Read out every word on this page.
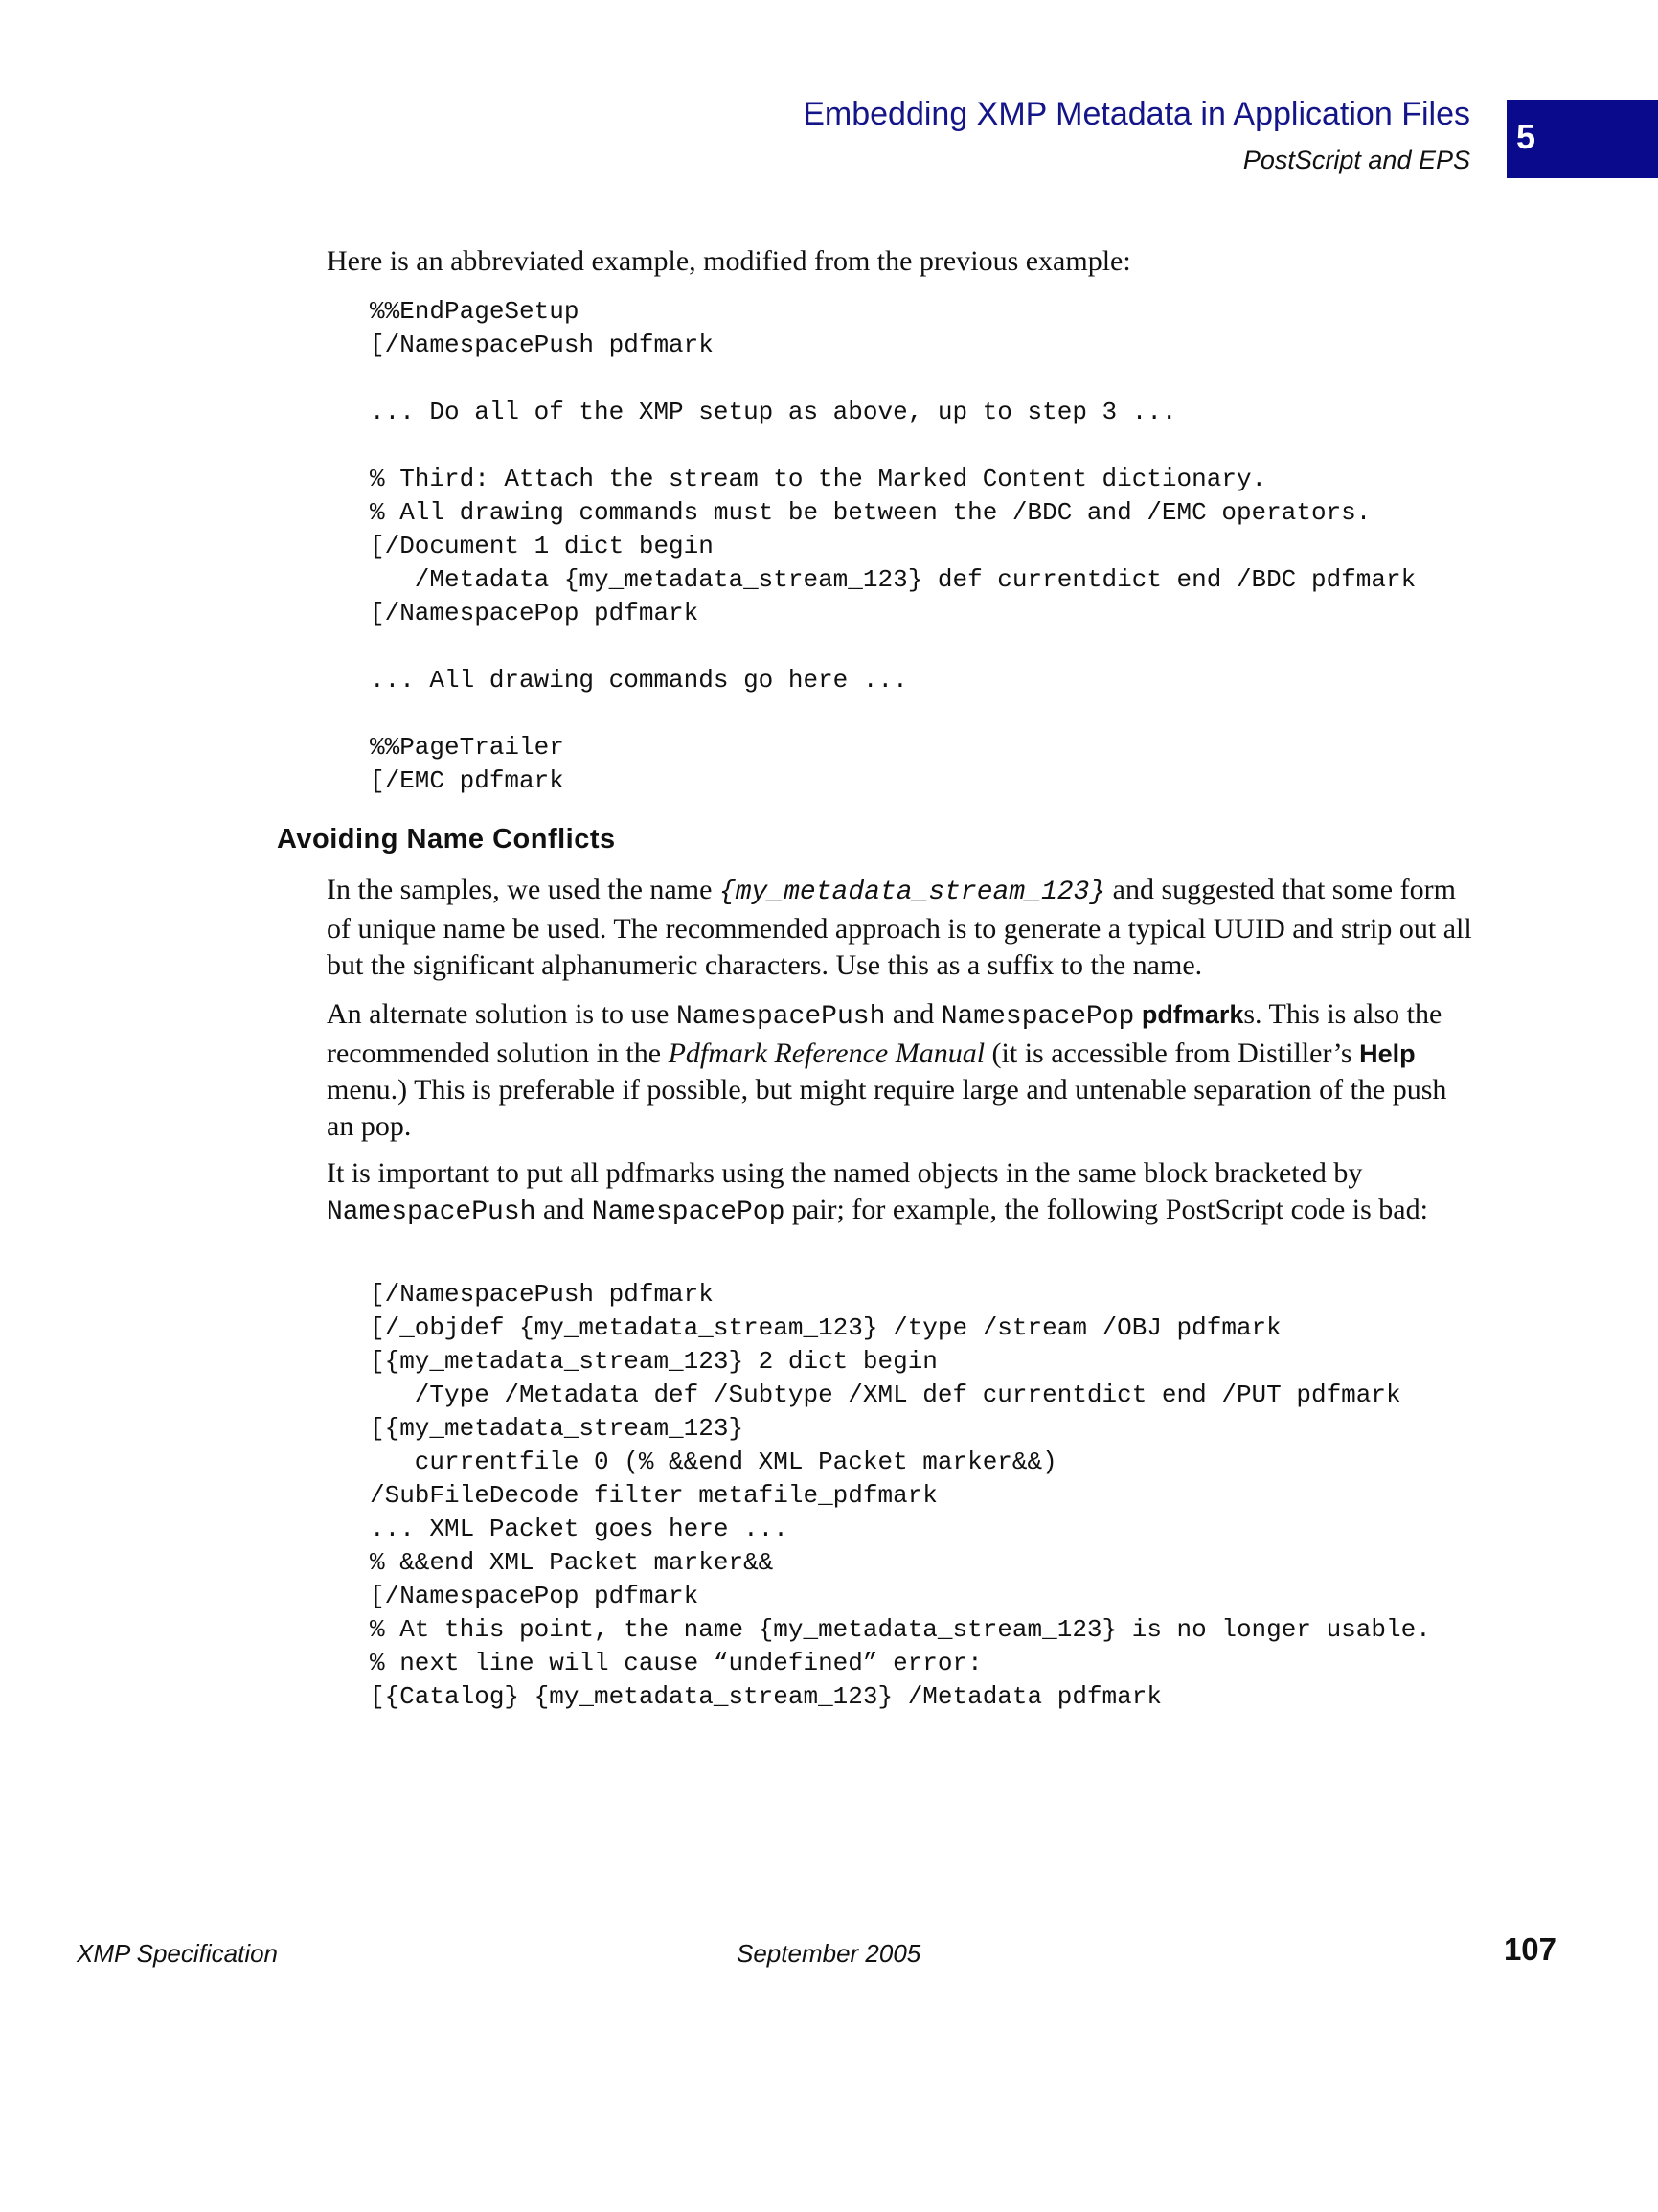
Embedding XMP Metadata in Application Files
PostScript and EPS
5

Here is an abbreviated example, modified from the previous example:

%%EndPageSetup
[/NamespacePush pdfmark

... Do all of the XMP setup as above, up to step 3 ...

% Third: Attach the stream to the Marked Content dictionary.
% All drawing commands must be between the /BDC and /EMC operators.
[/Document 1 dict begin
/Metadata {my_metadata_stream_123} def currentdict end /BDC pdfmark
[/NamespacePop pdfmark

... All drawing commands go here ...

%%PageTrailer
[/EMC pdfmark
Avoiding Name Conflicts

In the samples, we used the name {my_metadata_stream_123} and suggested that some form of unique name be used. The recommended approach is to generate a typical UUID and strip out all but the significant alphanumeric characters. Use this as a suffix to the name.

An alternate solution is to use NamespacePush and NamespacePop pdfmarks. This is also the recommended solution in the Pdfmark Reference Manual (it is accessible from Distiller’s Help menu.) This is preferable if possible, but might require large and untenable separation of the push an pop.

It is important to put all pdfmarks using the named objects in the same block bracketed by NamespacePush and NamespacePop pair; for example, the following PostScript code is bad:

[/NamespacePush pdfmark
[/_objdef {my_metadata_stream_123} /type /stream /OBJ pdfmark
[{my_metadata_stream_123} 2 dict begin
/Type /Metadata def /Subtype /XML def currentdict end /PUT pdfmark
[{my_metadata_stream_123}
currentfile 0 (% &&end XML Packet marker&&)
/SubFileDecode filter metafile_pdfmark
... XML Packet goes here ...
% &&end XML Packet marker&&
[/NamespacePop pdfmark
% At this point, the name {my_metadata_stream_123} is no longer usable.
% next line will cause “undefined” error:
[{Catalog} {my_metadata_stream_123} /Metadata pdfmark
XMP Specification	September 2005	107
